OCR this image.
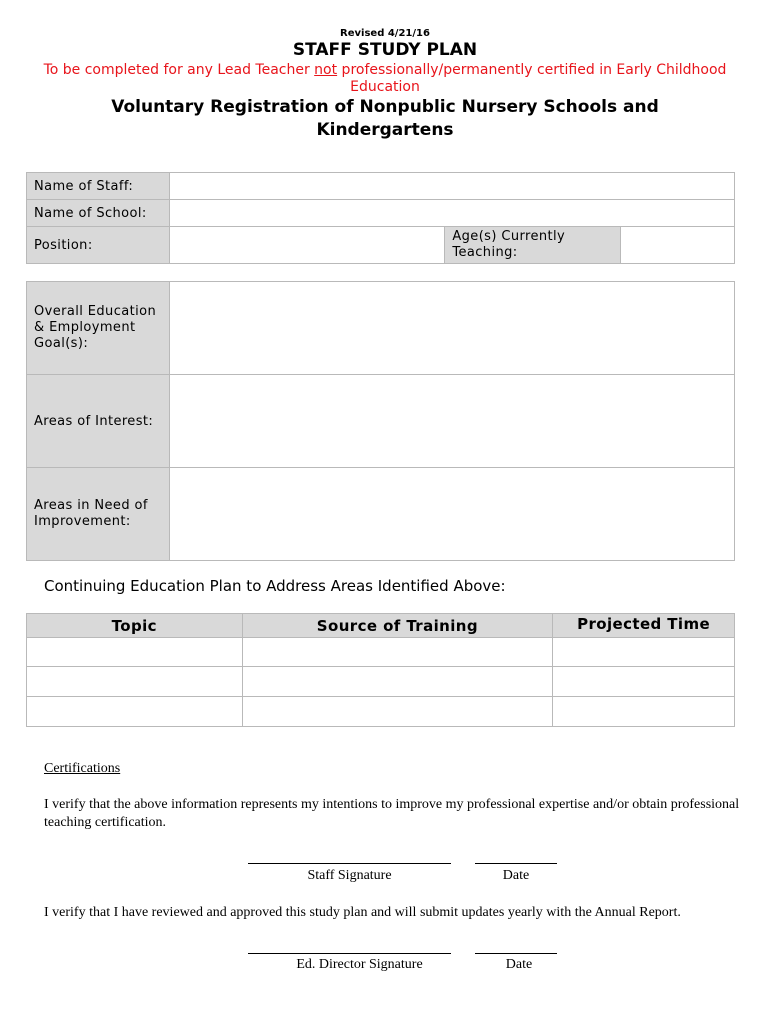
Revised 4/21/16
STAFF STUDY PLAN
To be completed for any Lead Teacher not professionally/permanently certified in Early Childhood Education
Voluntary Registration of Nonpublic Nursery Schools and Kindergartens
Name of Staff:			
Name of School:			
Position:		Age(s) Currently Teaching:	
Overall Education & Employment Goal(s):	
Areas of Interest:	
Areas in Need of Improvement:	
Continuing Education Plan to Address Areas Identified Above:
Topic	Source of Training	Projected Time

Certifications
I verify that the above information represents my intentions to improve my professional expertise and/or obtain professional teaching certification.
Staff Signature	Date
I verify that I have reviewed and approved this study plan and will submit updates yearly with the Annual Report.
Ed. Director Signature	Date
